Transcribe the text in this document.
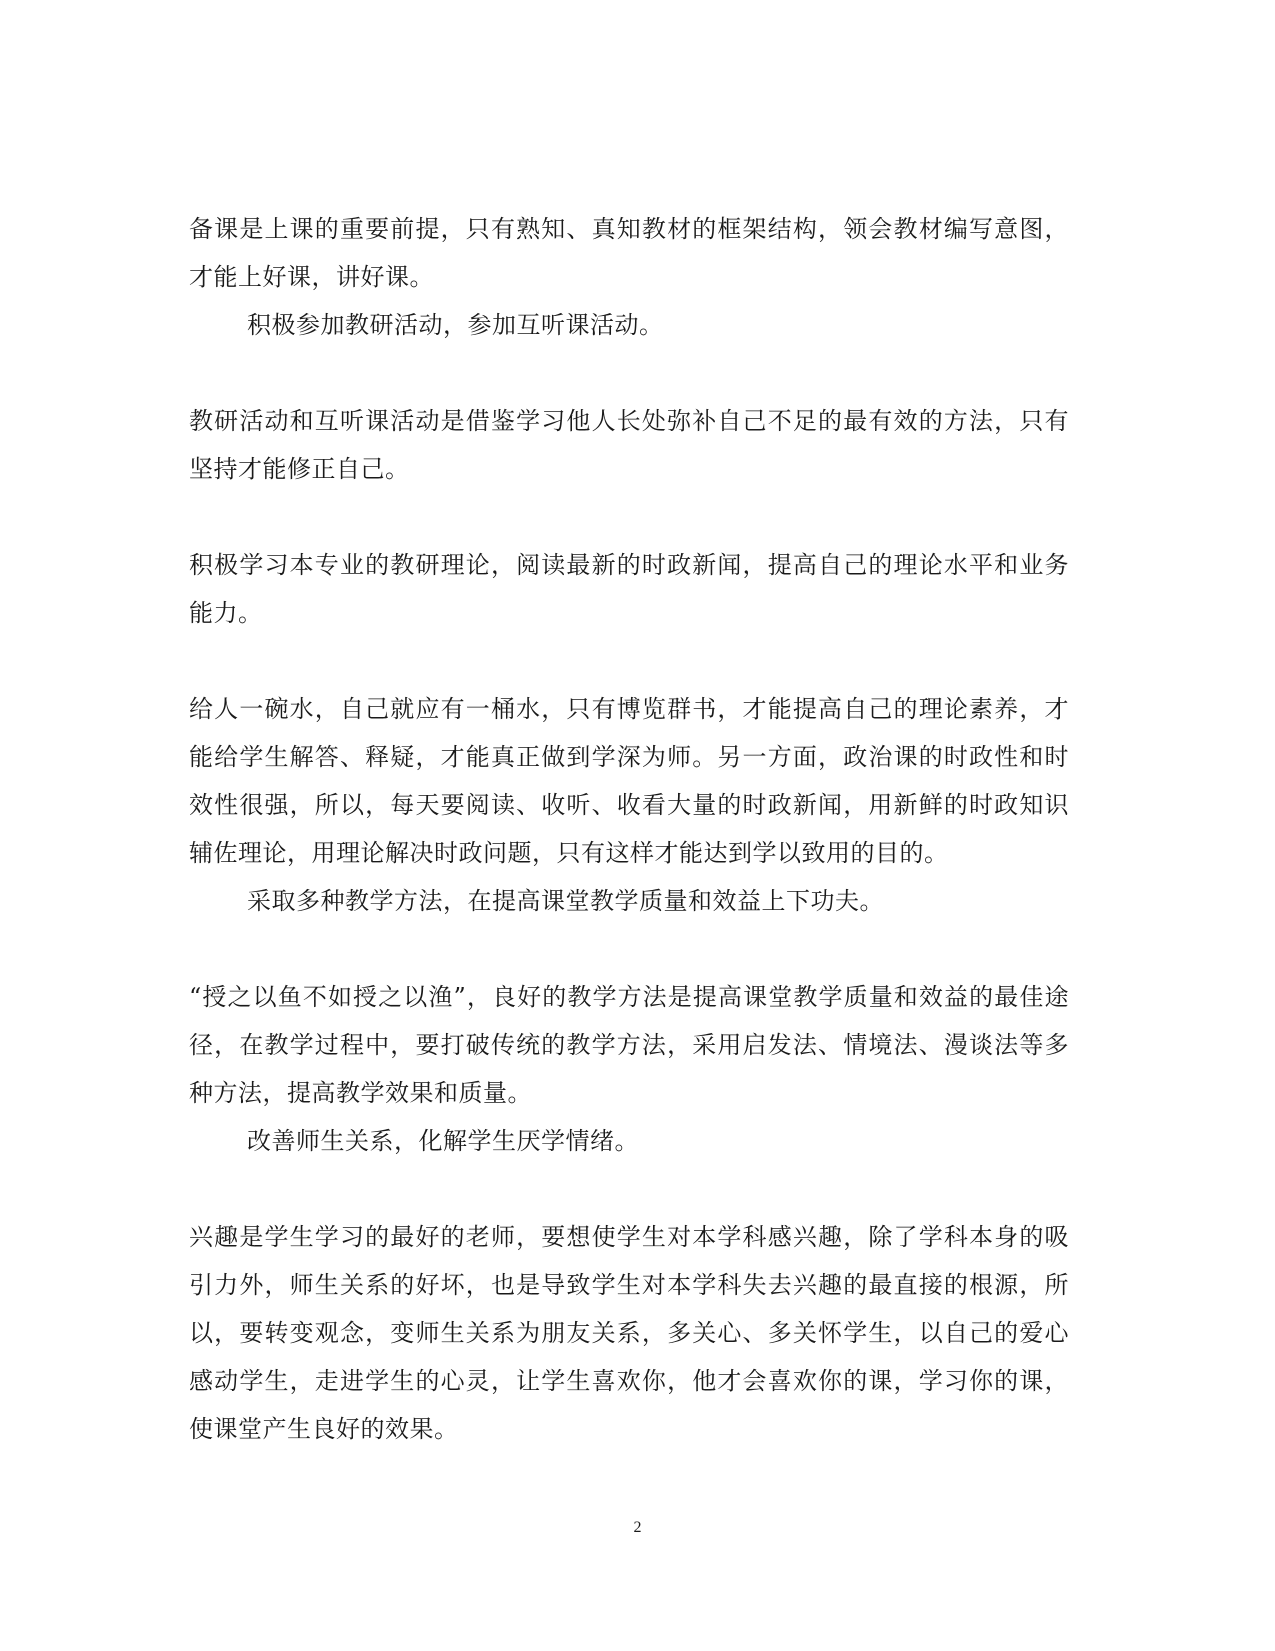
备课是上课的重要前提，只有熟知、真知教材的框架结构，领会教材编写意图，才能上好课，讲好课。

积极参加教研活动，参加互听课活动。

教研活动和互听课活动是借鉴学习他人长处弥补自己不足的最有效的方法，只有坚持才能修正自己。

积极学习本专业的教研理论，阅读最新的时政新闻，提高自己的理论水平和业务能力。

给人一碗水，自己就应有一桶水，只有博览群书，才能提高自己的理论素养，才能给学生解答、释疑，才能真正做到学深为师。另一方面，政治课的时政性和时效性很强，所以，每天要阅读、收听、收看大量的时政新闻，用新鲜的时政知识辅佐理论，用理论解决时政问题，只有这样才能达到学以致用的目的。

采取多种教学方法，在提高课堂教学质量和效益上下功夫。

“授之以鱼不如授之以渔”，良好的教学方法是提高课堂教学质量和效益的最佳途径，在教学过程中，要打破传统的教学方法，采用启发法、情境法、漫谈法等多种方法，提高教学效果和质量。

改善师生关系，化解学生厌学情绪。

兴趣是学生学习的最好的老师，要想使学生对本学科感兴趣，除了学科本身的吸引力外，师生关系的好坏，也是导致学生对本学科失去兴趣的最直接的根源，所以，要转变观念，变师生关系为朋友关系，多关心、多关怀学生，以自己的爱心感动学生，走进学生的心灵，让学生喜欢你，他才会喜欢你的课，学习你的课，使课堂产生良好的效果。

2
